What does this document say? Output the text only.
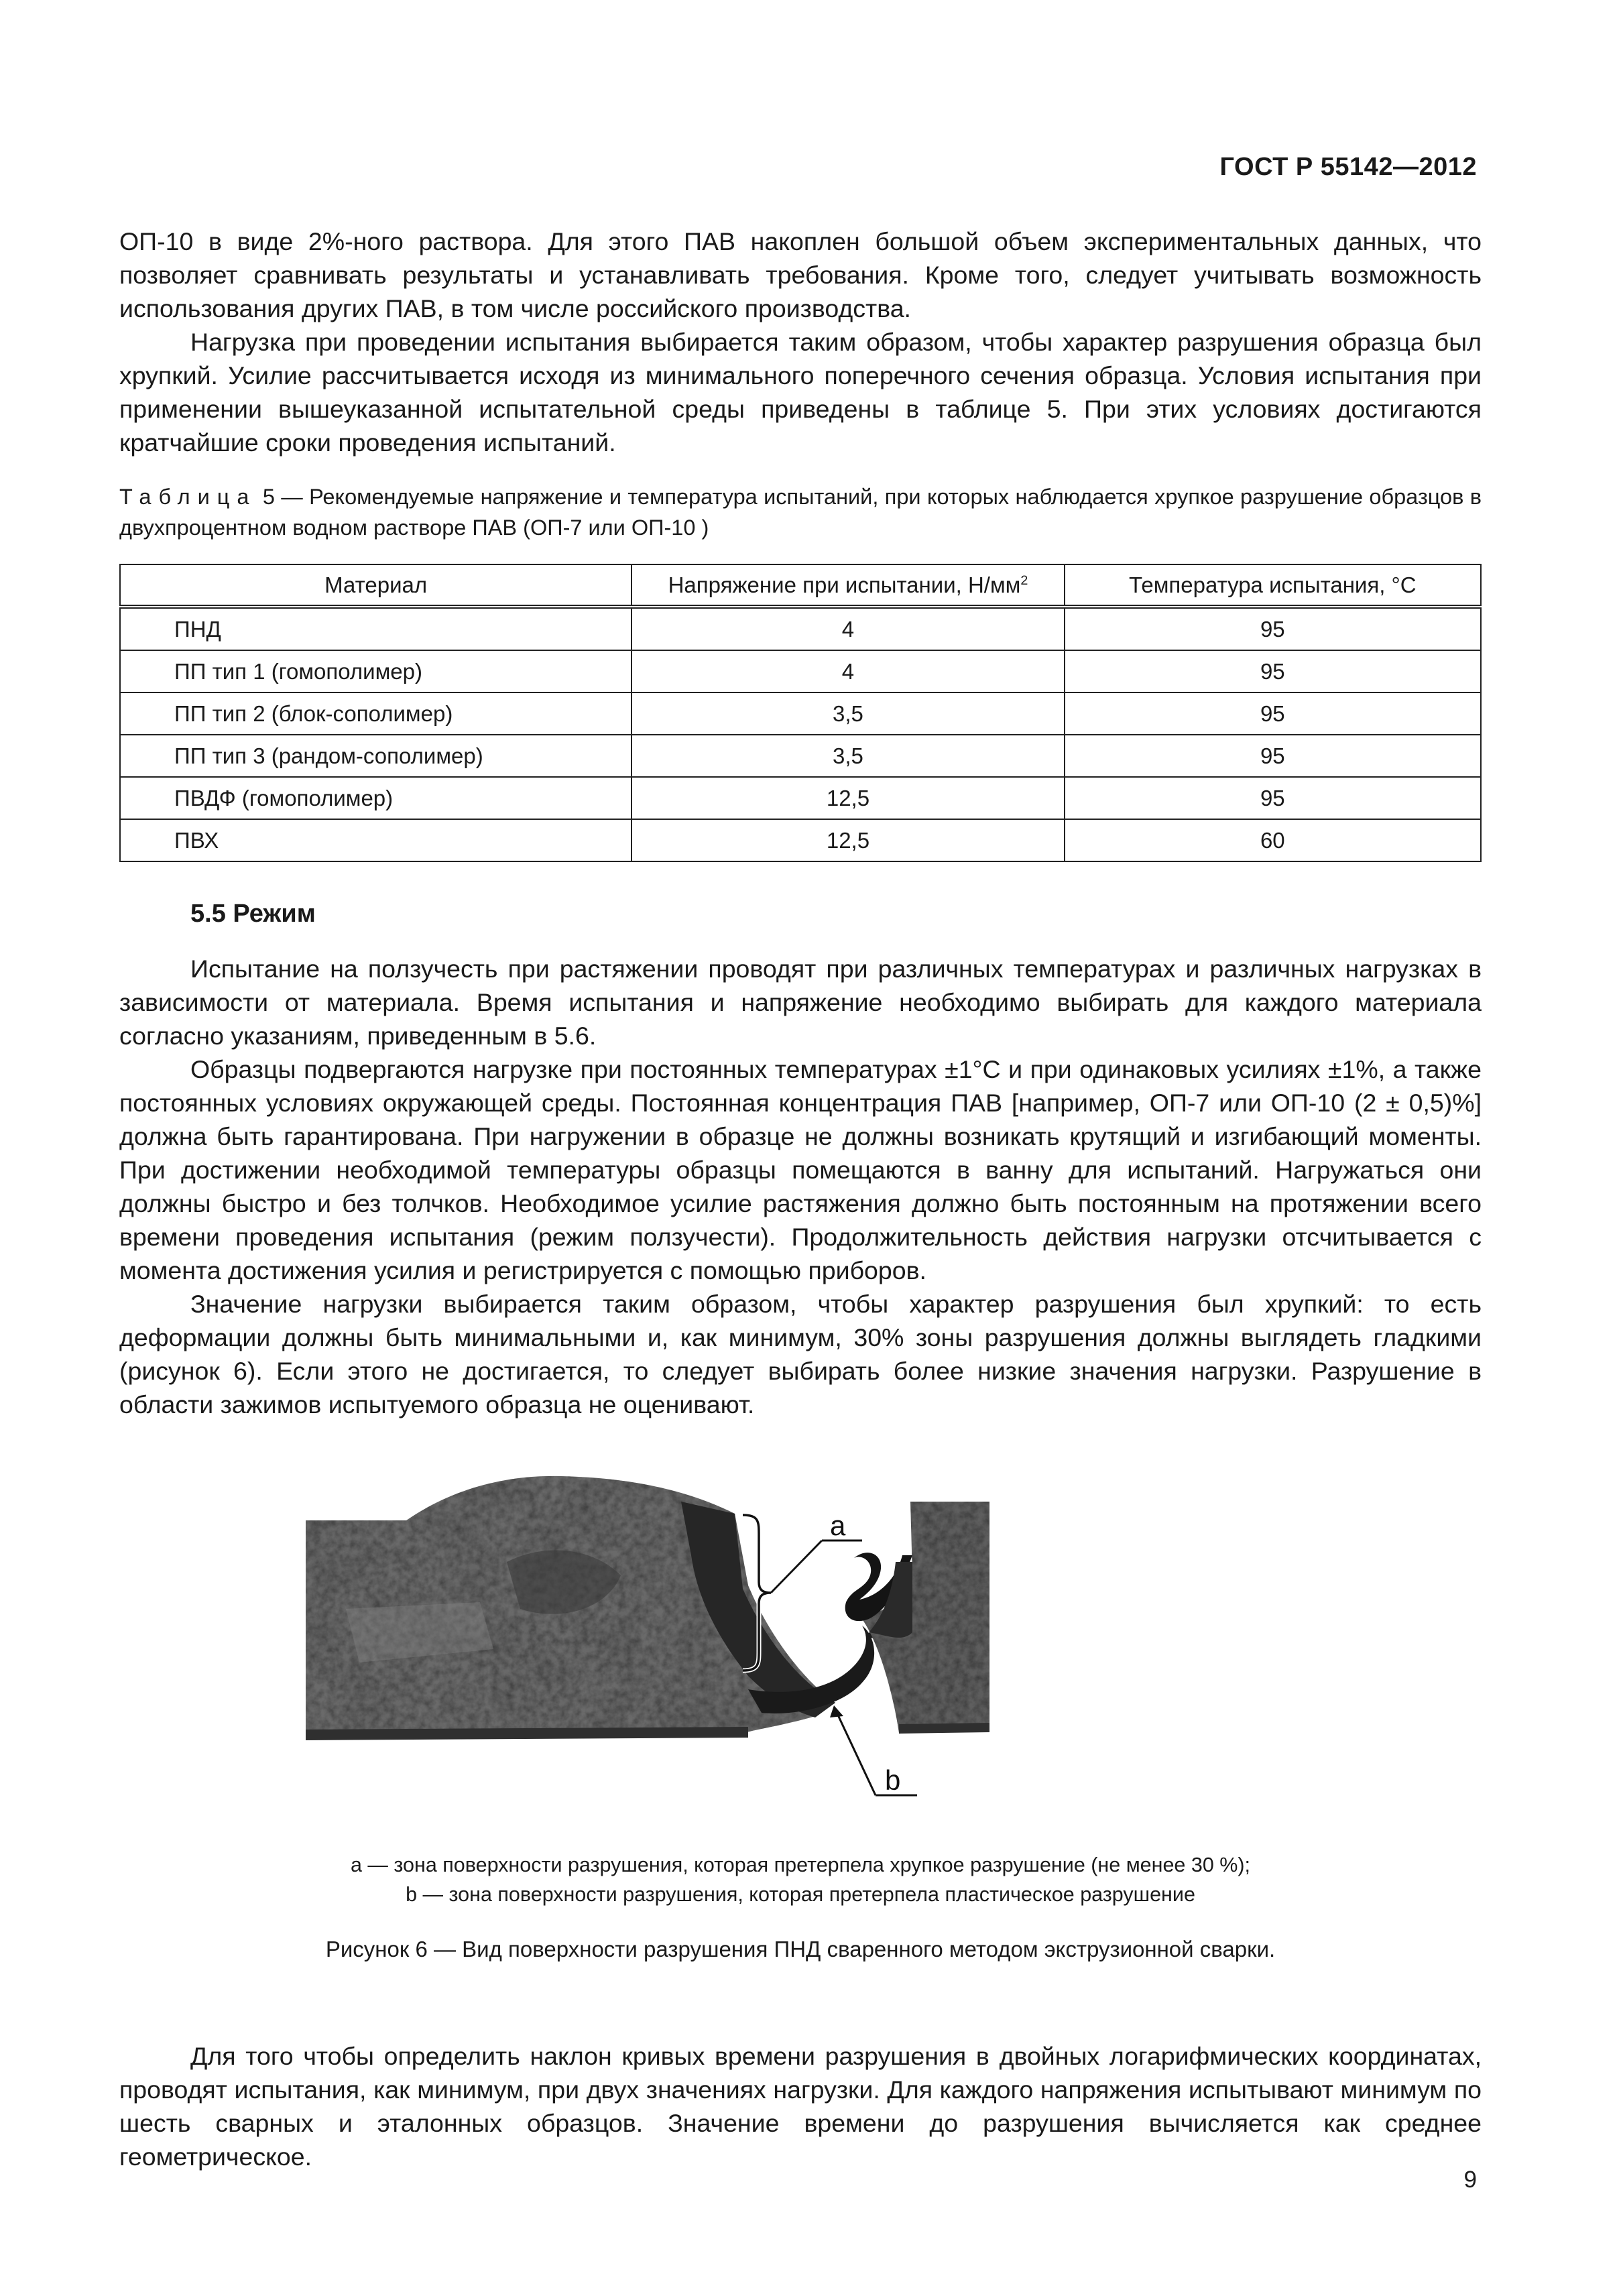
ГОСТ Р 55142—2012

ОП-10 в виде 2%-ного раствора. Для этого ПАВ накоплен большой объем экспериментальных данных, что позволяет сравнивать результаты и устанавливать требования. Кроме того, следует учитывать возможность использования других ПАВ, в том числе российского производства.

Нагрузка при проведении испытания выбирается таким образом, чтобы характер разрушения образца был хрупкий. Усилие рассчитывается исходя из минимального поперечного сечения образца. Условия испытания при применении вышеуказанной испытательной среды приведены в таблице 5. При этих условиях достигаются кратчайшие сроки проведения испытаний.

Таблица 5 — Рекомендуемые напряжение и температура испытаний, при которых наблюдается хрупкое разрушение образцов в двухпроцентном водном растворе ПАВ (ОП-7 или ОП-10 )
Материал	Напряжение при испытании, $Н/мм^2$	Температура испытания, °С
ПНД	4	95
ПП тип 1 (гомополимер)	4	95
ПП тип 2 (блок-сополимер)	3,5	95
ПП тип 3 (рандом-сополимер)	3,5	95
ПВДФ (гомополимер)	12,5	95
ПВХ	12,5	60
5.5 Режим

Испытание на ползучесть при растяжении проводят при различных температурах и различных нагрузках в зависимости от материала. Время испытания и напряжение необходимо выбирать для каждого материала согласно указаниям, приведенным в 5.6.

Образцы подвергаются нагрузке при постоянных температурах ±1°С и при одинаковых усилиях ±1%, а также постоянных условиях окружающей среды. Постоянная концентрация ПАВ [например, ОП-7 или ОП-10 (2 ± 0,5)%] должна быть гарантирована. При нагружении в образце не должны возникать крутящий и изгибающий моменты. При достижении необходимой температуры образцы помещаются в ванну для испытаний. Нагружаться они должны быстро и без толчков. Необходимое усилие растяжения должно быть постоянным на протяжении всего времени проведения испытания (режим ползучести). Продолжительность действия нагрузки отсчитывается с момента достижения усилия и регистрируется с помощью приборов.

Значение нагрузки выбирается таким образом, чтобы характер разрушения был хрупкий: то есть деформации должны быть минимальными и, как минимум, 30% зоны разрушения должны выглядеть гладкими (рисунок 6). Если этого не достигается, то следует выбирать более низкие значения нагрузки. Разрушение в области зажимов испытуемого образца не оценивают.

a
b
a — зона поверхности разрушения, которая претерпела хрупкое разрушение (не менее 30 %);
b — зона поверхности разрушения, которая претерпела пластическое разрушение
Рисунок 6 — Вид поверхности разрушения ПНД сваренного методом экструзионной сварки.

Для того чтобы определить наклон кривых времени разрушения в двойных логарифмических координатах, проводят испытания, как минимум, при двух значениях нагрузки. Для каждого напряжения испытывают минимум по шесть сварных и эталонных образцов. Значение времени до разрушения вычисляется как среднее геометрическое.

9
